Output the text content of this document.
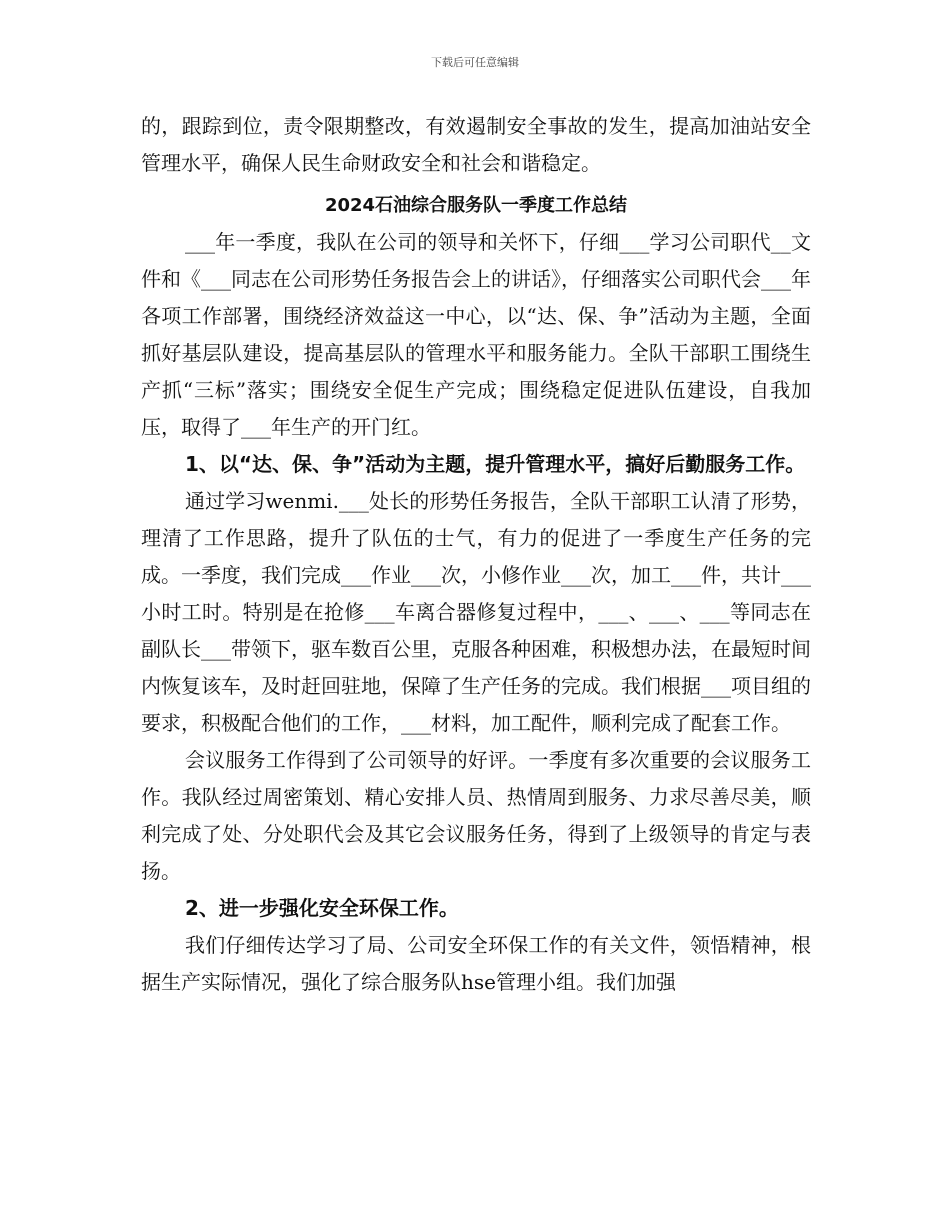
下载后可任意编辑

的，跟踪到位，责令限期整改，有效遏制安全事故的发生，提高加油站安全管理水平，确保人民生命财政安全和社会和谐稳定。

2024石油综合服务队一季度工作总结

___年一季度，我队在公司的领导和关怀下，仔细___学习公司职代__文件和《___同志在公司形势任务报告会上的讲话》，仔细落实公司职代会___年各项工作部署，围绕经济效益这一中心，以“达、保、争”活动为主题，全面抓好基层队建设，提高基层队的管理水平和服务能力。全队干部职工围绕生产抓“三标”落实；围绕安全促生产完成；围绕稳定促进队伍建设，自我加压，取得了___年生产的开门红。

1、以“达、保、争”活动为主题，提升管理水平，搞好后勤服务工作。

通过学习wenmi.___处长的形势任务报告，全队干部职工认清了形势，理清了工作思路，提升了队伍的士气，有力的促进了一季度生产任务的完成。一季度，我们完成___作业___次，小修作业___次，加工___件，共计___小时工时。特别是在抢修___车离合器修复过程中，___、___、___等同志在副队长___带领下，驱车数百公里，克服各种困难，积极想办法，在最短时间内恢复该车，及时赶回驻地，保障了生产任务的完成。我们根据___项目组的要求，积极配合他们的工作，___材料，加工配件，顺利完成了配套工作。

会议服务工作得到了公司领导的好评。一季度有多次重要的会议服务工作。我队经过周密策划、精心安排人员、热情周到服务、力求尽善尽美，顺利完成了处、分处职代会及其它会议服务任务，得到了上级领导的肯定与表扬。

2、进一步强化安全环保工作。

我们仔细传达学习了局、公司安全环保工作的有关文件，领悟精神，根据生产实际情况，强化了综合服务队hse管理小组。我们加强
